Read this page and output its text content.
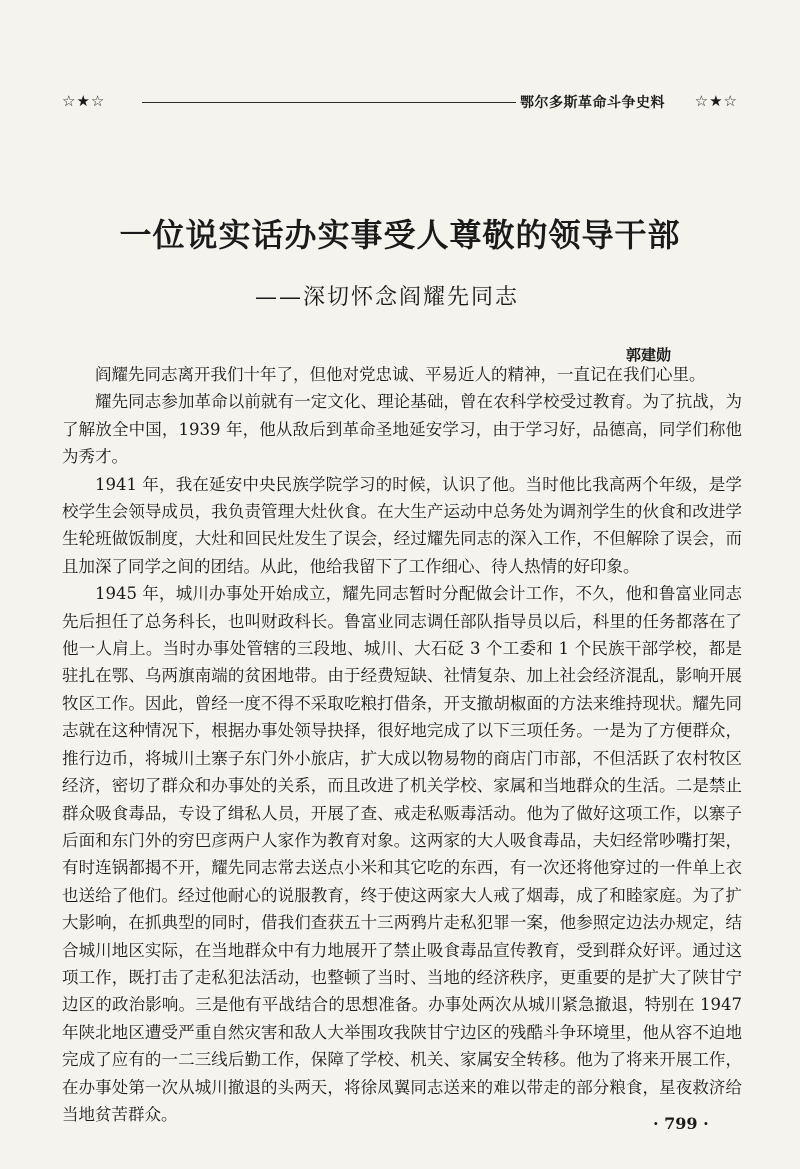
☆★☆	鄂尔多斯革命斗争史料 ☆★☆
一位说实话办实事受人尊敬的领导干部
——深切怀念阎耀先同志
郭建勋

阎耀先同志离开我们十年了，但他对党忠诚、平易近人的精神，一直记在我们心里。

耀先同志参加革命以前就有一定文化、理论基础，曾在农科学校受过教育。为了抗战，为了解放全中国，1939 年，他从敌后到革命圣地延安学习，由于学习好，品德高，同学们称他为秀才。

1941 年，我在延安中央民族学院学习的时候，认识了他。当时他比我高两个年级，是学校学生会领导成员，我负责管理大灶伙食。在大生产运动中总务处为调剂学生的伙食和改进学生轮班做饭制度，大灶和回民灶发生了误会，经过耀先同志的深入工作，不但解除了误会，而且加深了同学之间的团结。从此，他给我留下了工作细心、待人热情的好印象。

1945 年，城川办事处开始成立，耀先同志暂时分配做会计工作，不久，他和鲁富业同志先后担任了总务科长，也叫财政科长。鲁富业同志调任部队指导员以后，科里的任务都落在了他一人肩上。当时办事处管辖的三段地、城川、大石砭 3 个工委和 1 个民族干部学校，都是驻扎在鄂、乌两旗南端的贫困地带。由于经费短缺、社情复杂、加上社会经济混乱，影响开展牧区工作。因此，曾经一度不得不采取吃粮打借条，开支撤胡椒面的方法来维持现状。耀先同志就在这种情况下，根据办事处领导抉择，很好地完成了以下三项任务。一是为了方便群众，推行边币，将城川土寨子东门外小旅店，扩大成以物易物的商店门市部，不但活跃了农村牧区经济，密切了群众和办事处的关系，而且改进了机关学校、家属和当地群众的生活。二是禁止群众吸食毒品，专设了缉私人员，开展了查、戒走私贩毒活动。他为了做好这项工作，以寨子后面和东门外的穷巴彦两户人家作为教育对象。这两家的大人吸食毒品，夫妇经常吵嘴打架，有时连锅都揭不开，耀先同志常去送点小米和其它吃的东西，有一次还将他穿过的一件单上衣也送给了他们。经过他耐心的说服教育，终于使这两家大人戒了烟毒，成了和睦家庭。为了扩大影响，在抓典型的同时，借我们查获五十三两鸦片走私犯罪一案，他参照定边法办规定，结合城川地区实际，在当地群众中有力地展开了禁止吸食毒品宣传教育，受到群众好评。通过这项工作，既打击了走私犯法活动，也整顿了当时、当地的经济秩序，更重要的是扩大了陕甘宁边区的政治影响。三是他有平战结合的思想准备。办事处两次从城川紧急撤退，特别在 1947 年陕北地区遭受严重自然灾害和敌人大举围攻我陕甘宁边区的残酷斗争环境里，他从容不迫地完成了应有的一二三线后勤工作，保障了学校、机关、家属安全转移。他为了将来开展工作，在办事处第一次从城川撤退的头两天，将徐凤翼同志送来的难以带走的部分粮食，星夜救济给当地贫苦群众。	· 799 ·
